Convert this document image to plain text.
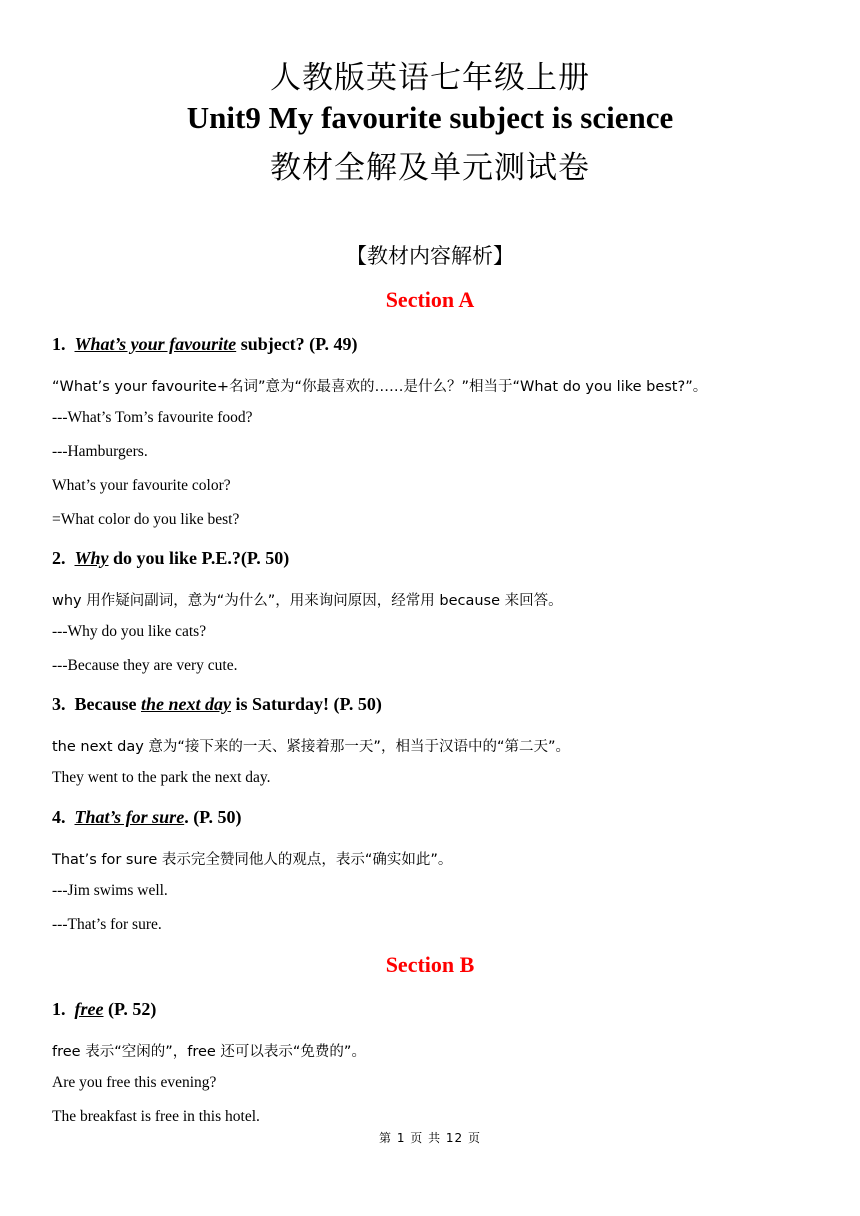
人教版英语七年级上册
Unit9 My favourite subject is science
教材全解及单元测试卷
【教材内容解析】
Section A
1. What’s your favourite subject? (P. 49)
“What’s your favourite+名词”意为“你最喜欢的……是什么？”相当于“What do you like best?”。
---What’s Tom’s favourite food?
---Hamburgers.
What’s your favourite color?
=What color do you like best?
2. Why do you like P.E.?(P. 50)
why 用作疑问副词，意为“为什么”，用来询问原因，经常用 because 来回答。
---Why do you like cats?
---Because they are very cute.
3. Because the next day is Saturday! (P. 50)
the next day 意为“接下来的一天、紧接着那一天”，相当于汉语中的“第二天”。
They went to the park the next day.
4. That’s for sure. (P. 50)
That’s for sure 表示完全赞同他人的观点，表示“确实如此”。
---Jim swims well.
---That’s for sure.
Section B
1. free (P. 52)
free 表示“空闲的”，free 还可以表示“免费的”。
Are you free this evening?
The breakfast is free in this hotel.
第 1 页 共 12 页
